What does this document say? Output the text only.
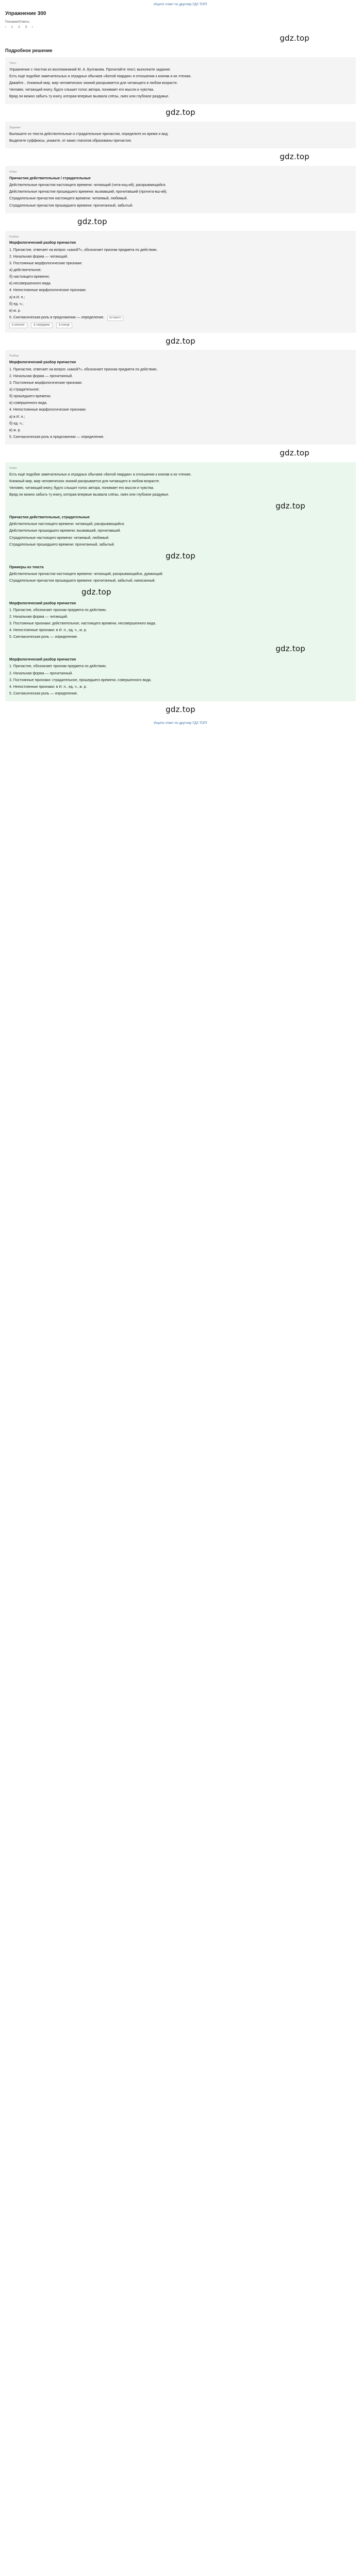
Ищите ответ по другому ГДЗ ТОП!
Упражнение 300
Похожие/Ответы
‹ 1 2 3 ›
gdz.top
Подробное решение
Текст
Упражнение с текстом из воспоминаний М. А. Булгакова. Прочитайте текст, выполните задание.
Есть ещё подобие замечательных и отрадных обычаев «Белой гвардии» в отношении к книгам и их чтению.
Давайте... Книжный мир, мир человеческих знаний раскрывается для читающего в любом возрасте.
Человек, читающий книгу, будто слышит голос автора, понимает его мысли и чувства.
Вряд ли можно забыть ту книгу, которая впервые вызвала слёзы, смех или глубокое раздумье.
gdz.top
Задание
Выпишите из текста действительные и страдательные причастия, определите их время и вид.
Выделите суффиксы, укажите, от каких глаголов образованы причастия.
gdz.top
Ответ
Причастия действительные / страдательные
Действительные причастия настоящего времени: читающий (чита-ющ-ий), раскрывающийся.
Действительные причастия прошедшего времени: вызвавший, прочитавший (прочита-вш-ий).
Страдательные причастия настоящего времени: читаемый, любимый.
Страдательные причастия прошедшего времени: прочитанный, забытый.
gdz.top
Разбор
Морфологический разбор причастия
1. Причастие, отвечает на вопрос «какой?», обозначает признак предмета по действию.
2. Начальная форма — читающий.
3. Постоянные морфологические признаки:
а) действительное;
б) настоящего времени;
в) несовершенного вида.
4. Непостоянные морфологические признаки:
а) в И. п.;
б) ед. ч.;
в) м. р.
5. Синтаксическая роль в предложении — определение. вставить
в начале	в середине	в конце
gdz.top
Разбор
Морфологический разбор причастия
1. Причастие, отвечает на вопрос «какой?», обозначает признак предмета по действию.
2. Начальная форма — прочитанный.
3. Постоянные морфологические признаки:
а) страдательное;
б) прошедшего времени;
в) совершенного вида.
4. Непостоянные морфологические признаки:
а) в И. п.;
б) ед. ч.;
в) ж. р.
5. Синтаксическая роль в предложении — определение.
gdz.top
Ответ
Есть ещё подобие замечательных и отрадных обычаев «Белой гвардии» в отношении к книгам и их чтению.
Книжный мир, мир человеческих знаний раскрывается для читающего в любом возрасте.
Человек, читающий книгу, будто слышит голос автора, понимает его мысли и чувства.
Вряд ли можно забыть ту книгу, которая впервые вызвала слёзы, смех или глубокое раздумье.
gdz.top
Причастия действительные, страдательные
Действительные настоящего времени: читающий, раскрывающийся.
Действительные прошедшего времени: вызвавший, прочитавший.
Страдательные настоящего времени: читаемый, любимый.
Страдательные прошедшего времени: прочитанный, забытый.
gdz.top
Примеры из текста
Действительные причастия настоящего времени: читающий, раскрывающийся, думающий.
Страдательные причастия прошедшего времени: прочитанный, забытый, написанный.
gdz.top
Морфологический разбор причастия
1. Причастие, обозначает признак предмета по действию.
2. Начальная форма — читающий.
3. Постоянные признаки: действительное, настоящего времени, несовершенного вида.
4. Непостоянные признаки: в И. п., ед. ч., м. р.
5. Синтаксическая роль — определение.
gdz.top
Морфологический разбор причастия
1. Причастие, обозначает признак предмета по действию.
2. Начальная форма — прочитанный.
3. Постоянные признаки: страдательное, прошедшего времени, совершенного вида.
4. Непостоянные признаки: в И. п., ед. ч., ж. р.
5. Синтаксическая роль — определение.
gdz.top
Ищите ответ по другому ГДЗ ТОП!
